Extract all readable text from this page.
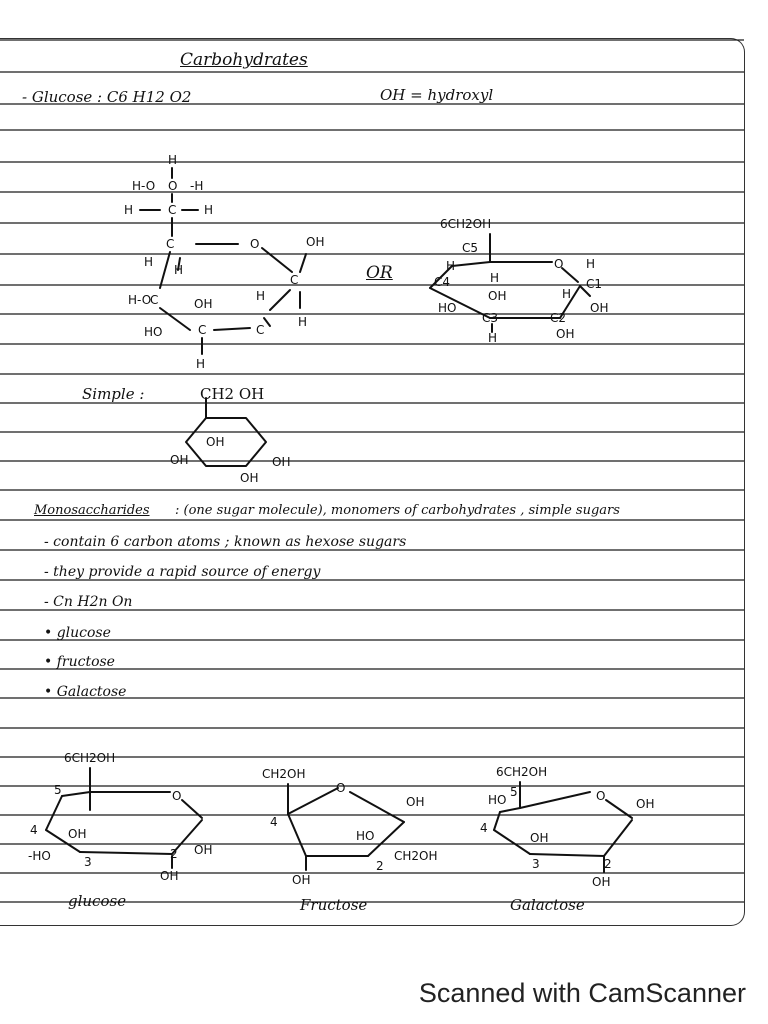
Carbohydrates
- Glucose : C6 H12 O2	OH = hydroxyl
OR
Simple :	CH2 OH
Monosaccharides : (one sugar molecule), monomers of carbohydrates , simple sugars
- contain 6 carbon atoms ; known as hexose sugars
- they provide a rapid source of energy
- Cn H2n On
• glucose
• fructose
• Galactose
glucose	Fructose	Galactose
H
H-O O -H
H	C H
C	O	OH
C
H
H
H-O
C	OH
C	C
H
H
HO
H
6CH2OH
C5
O
H
C4
H
C1
OH
H
OH
HO
H
C3	C2
H	OH
OH
OH	OH
OH
6CH2OH
5	O
4	OH
-HO	3
2 OH
OH
CH2OH
O
4
OH
HO
CH2OH
OH
2
6CH2OH
HO
5	O
4
OH
OH
3	2
OH
Scanned with CamScanner
